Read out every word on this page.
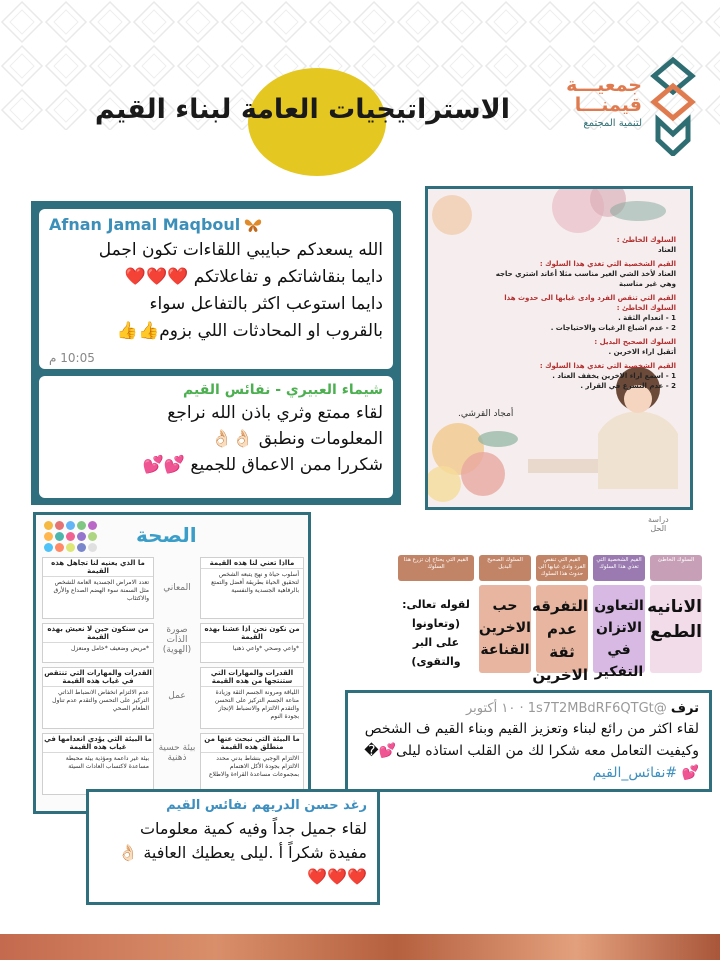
الاستراتيجيات العامة لبناء القيم
جمعيـــة
قيمنـــا
لتنمية المجتمع
Afnan Jamal Maqboul
الله يسعدكم حبايبي اللقاءات تكون اجمل
دايما بنقاشاتكم و تفاعلاتكم ❤️❤️❤️
دايما استوعب اكثر بالتفاعل سواء
بالقروب او المحادثات اللي بزوم👍👍
10:05 م
شيماء العبيري - نفائس القيم
لقاء ممتع وثري باذن الله نراجع
المعلومات ونطبق 👌🏻👌🏻
شكررا ممن الاعماق للجميع 💕💕
السلوك الخاطئ :
العناد
القيم الشخصية التي تغذي هذا السلوك :
العناد لأخذ الشي الغير مناسب مثلا أعاند اشتري حاجه
وهي غير مناسبة
القيم التي تنقص الفرد وادى غيابها الى حدوث هذا
السلوك الخاطئ :
1 - انعدام الثقة .
2 - عدم اشباع الرغبات والاحتياجات .
السلوك الصحيح البديل :
أتقبل اراء الاخرين .
القيم الشخصية التي تغذي هذا السلوك :
1 - اسمع اراء الاخرين يخفف العناد .
2 - عدم التسرع في القرار .
أمجاد القرشي.
الصحة
مااذا تعني لنا هذه القيمة
أسلوب حياة و نهج يتبعه الشخص لتحقيق الحياة بطريقة أفضل والتمتع بالرفاهية الجسدية والنفسية
ما الذي يعنيه لنا تجاهل هذه القيمة
تعدد الامراض الجسدية العامة للشخص مثل السمنة سوء الهضم الصداع والأرق والاكتئاب
من نكون نحن اذا عشنا بهذه القيمة
*واعي وصحي *واعي ذهنيا
من سنكون حين لا نعيش بهذه القيمة
*مريض وضعيف *خامل ومنعزل
القدرات والمهارات التي ستنتجها من هذه القيمة
اللياقة ومرونة الجسم الثقة وزيادة مناعة الجسم التركيز على التحسن والتقدم الالتزام والانضباط الإنجاز بجودة النوم
القدرات والمهارات التي تنتقص في غياب هذه القيمة
عدم الالتزام انخفاض الانضباط الذاتي التركيز على التحسن والتقدم عدم تناول الطعام الصحي
ما البيئة التي نبحث عنها من منطلق هذه القيمة
الالتزام الوجبي بنشاط بدني محدد الالتزام بجودة الأكل الاهتمام بمجموعات مساعدة القراءة والاطلاع
ما البيئة التي يؤدي انعدامها في غياب هذه القيمة
بيئة غير داعمة ومؤذية بيئة محبطة مساعدة لاكتساب العادات السيئة
المعاني
صورة الذات (الهوية)
عمل
بيئة حسية ذهنية
دراسة
الحل
السلوك الخاطئ
الانانيه
الطمع
القيم الشخصية التي تغذي هذا السلوك
التعاون
الاتزان في
التفكير
القيم التي تنقص الفرد وادى غيابها الى حدوث هذا السلوك
التفرقه
عدم ثقة
الاخرين
السلوك الصحيح البديل
حب الاخرين
القناعة
القيم التي يحتاج إن تزرع هذا السلوك
لقوله تعالى:
(وتعاونوا
على البر والتقوى)
ترف @1s7T2MBdRF6QTGt · ١٠ أكتوبر
لقاء اكثر من رائع لبناء وتعزيز القيم وبناء القيم ف الشخص وكيفيت التعامل معه شكرا لك من القلب استاذه ليلى💕�💕 #نفائس_القيم
رغد حسن الدريهم نفائس القيم
لقاء جميل جداً وفيه كمية معلومات
مفيدة شكراً أ .ليلى يعطيك العافية 👌🏻
❤️❤️❤️
